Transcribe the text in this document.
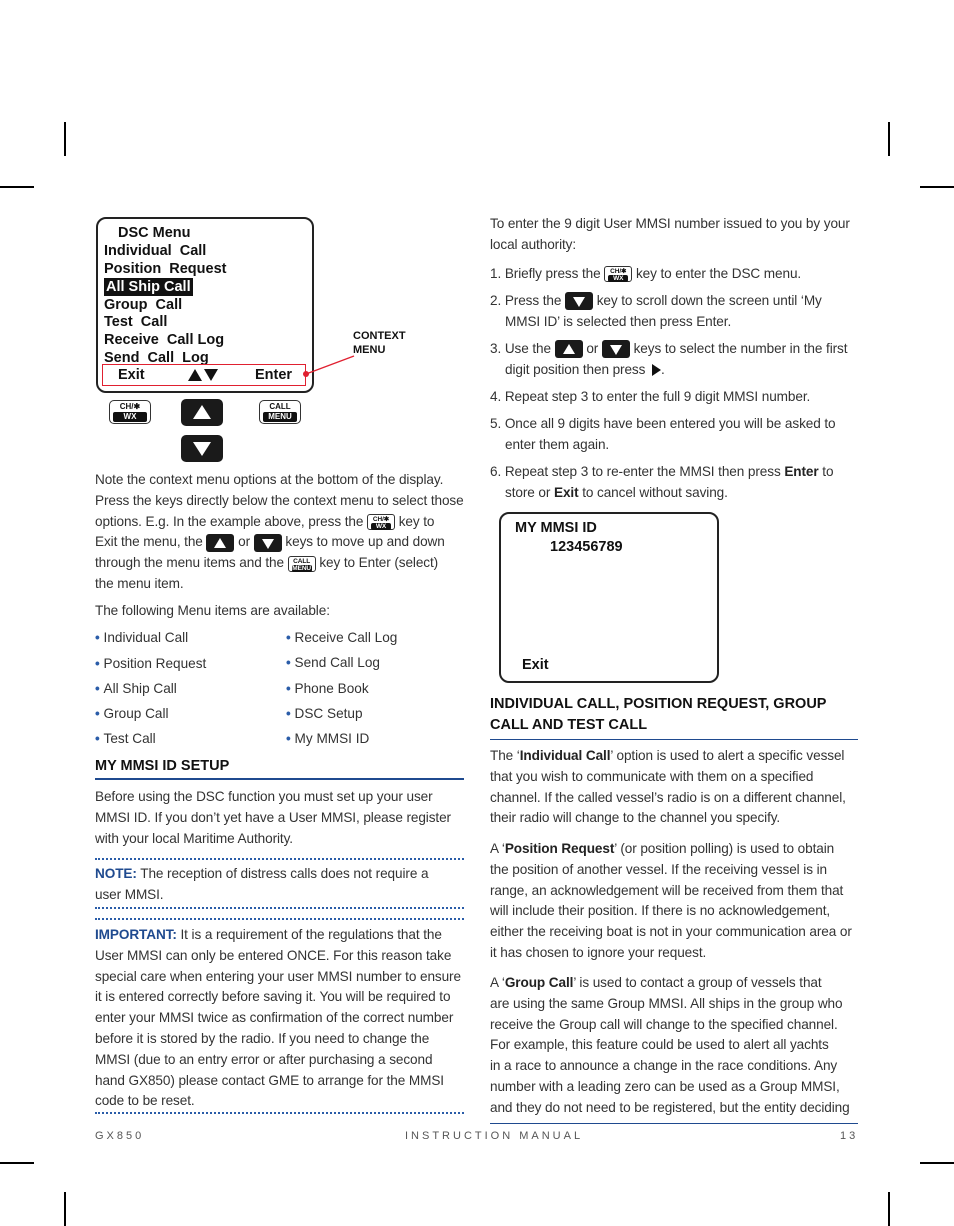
DSC Menu
Individual  Call
Position  Request
All Ship Call
Group  Call
Test  Call
Receive  Call Log
Send  Call  Log
Exit	Enter
CONTEXT
MENU
CH/✱
WX
CALL
MENU
Note the context menu options at the bottom of the display.
Press the keys directly below the context menu to select those
options. E.g. In the example above, press the CH/✱
WX key to
Exit the menu, the	or	keys to move up and down
through the menu items and the CALL
MENU key to Enter (select)
the menu item.
The following Menu items are available:
• Individual Call
• Position Request
• All Ship Call
• Group Call
• Test Call
• Receive Call Log
• Send Call Log
• Phone Book
• DSC Setup
• My MMSI ID
MY MMSI ID SETUP
Before using the DSC function you must set up your user
MMSI ID. If you don’t yet have a User MMSI, please register
with your local Maritime Authority.
NOTE: The reception of distress calls does not require a
user MMSI.
IMPORTANT: It is a requirement of the regulations that the
User MMSI can only be entered ONCE. For this reason take
special care when entering your user MMSI number to ensure
it is entered correctly before saving it. You will be required to
enter your MMSI twice as confirmation of the correct number
before it is stored by the radio. If you need to change the
MMSI (due to an entry error or after purchasing a second
hand GX850) please contact GME to arrange for the MMSI
code to be reset.
To enter the 9 digit User MMSI number issued to you by your
local authority:
1. Briefly press the CH/✱
WX key to enter the DSC menu.
2. Press the	key to scroll down the screen until ‘My
MMSI ID’ is selected then press Enter.
3. Use the	or	keys to select the number in the first
digit position then press .
4. Repeat step 3 to enter the full 9 digit MMSI number.
5. Once all 9 digits have been entered you will be asked to
enter them again.
6. Repeat step 3 to re-enter the MMSI then press Enter to
store or Exit to cancel without saving.
MY MMSI ID
123456789
Exit
INDIVIDUAL CALL, POSITION REQUEST, GROUP
CALL AND TEST CALL
The ‘Individual Call’ option is used to alert a specific vessel
that you wish to communicate with them on a specified
channel. If the called vessel’s radio is on a different channel,
their radio will change to the channel you specify.
A ‘Position Request’ (or position polling) is used to obtain
the position of another vessel. If the receiving vessel is in
range, an acknowledgement will be received from them that
will include their position. If there is no acknowledgement,
either the receiving boat is not in your communication area or
it has chosen to ignore your request.
A ‘Group Call’ is used to contact a group of vessels that
are using the same Group MMSI. All ships in the group who
receive the Group call will change to the specified channel.
For example, this feature could be used to alert all yachts
in a race to announce a change in the race conditions. Any
number with a leading zero can be used as a Group MMSI,
and they do not need to be registered, but the entity deciding
GX850	INSTRUCTION MANUAL	13
